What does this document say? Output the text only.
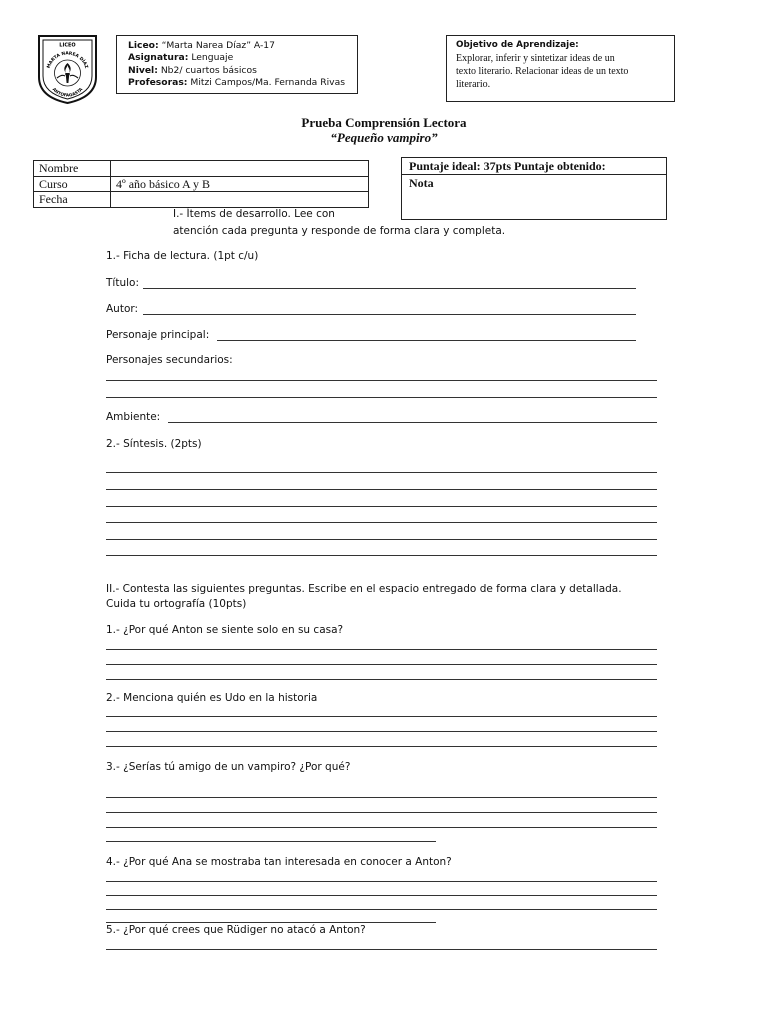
LICEO
MARTA NAREA DÍAZ
ANTOFAGASTA
Liceo: “Marta Narea Díaz” A-17
Asignatura: Lenguaje
Nivel: Nb2/ cuartos básicos
Profesoras: Mitzi Campos/Ma. Fernanda Rivas
Objetivo de Aprendizaje:
Explorar, inferir y sintetizar ideas de un
texto literario. Relacionar ideas de un texto
literario.
Prueba Comprensión Lectora
“Pequeño vampiro”
Nombre	
Curso	4º año básico A y B
Fecha	
Puntaje ideal: 37pts Puntaje obtenido:
Nota
I.- Ítems de desarrollo. Lee con
atención cada pregunta y responde de forma clara y completa.
1.- Ficha de lectura. (1pt c/u)
Título:
Autor:
Personaje principal:
Personajes secundarios:
Ambiente:
2.- Síntesis. (2pts)
II.- Contesta las siguientes preguntas. Escribe en el espacio entregado de forma clara y detallada.
Cuida tu ortografía (10pts)
1.- ¿Por qué Anton se siente solo en su casa?
2.- Menciona quién es Udo en la historia
3.- ¿Serías tú amigo de un vampiro? ¿Por qué?
4.- ¿Por qué Ana se mostraba tan interesada en conocer a Anton?
5.- ¿Por qué crees que Rüdiger no atacó a Anton?
